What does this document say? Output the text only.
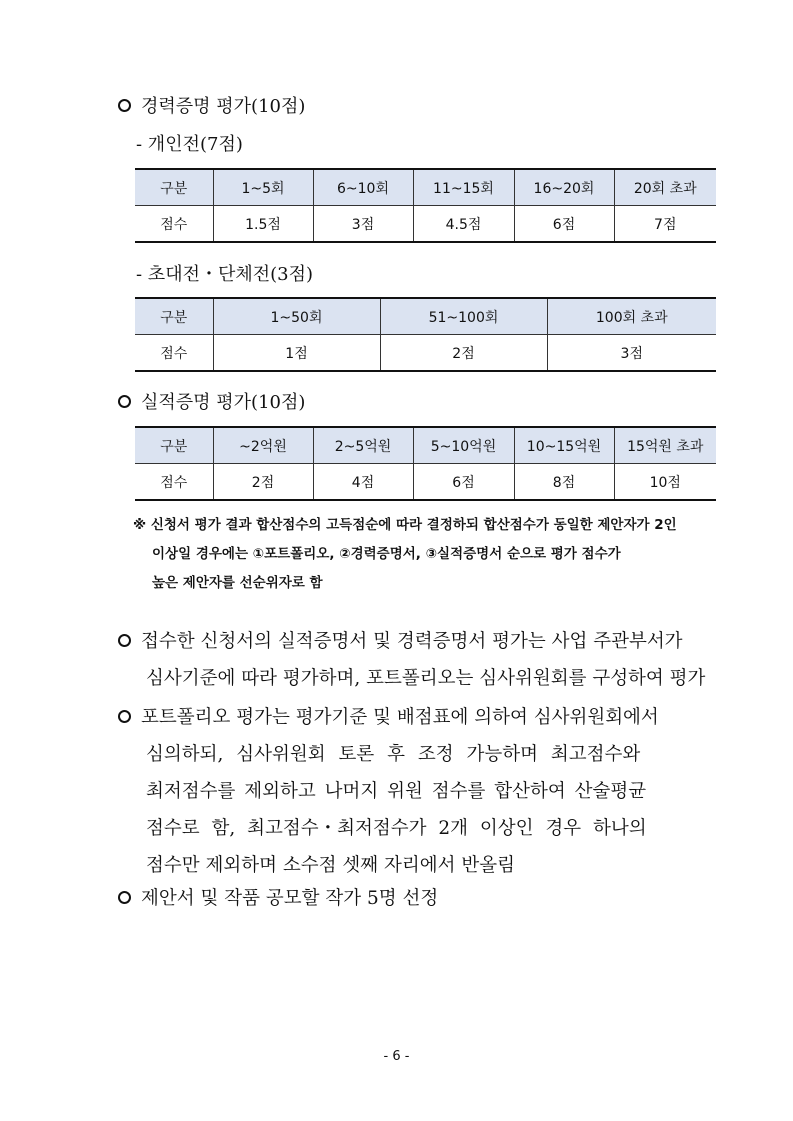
경력증명 평가(10점)
- 개인전(7점)
구분	1~5회	6~10회	11~15회	16~20회	20회 초과
점수	1.5점	3점	4.5점	6점	7점
- 초대전・단체전(3점)
구분	1~50회	51~100회	100회 초과
점수	1점	2점	3점
실적증명 평가(10점)
구분	~2억원	2~5억원	5~10억원	10~15억원	15억원 초과
점수	2점	4점	6점	8점	10점
※ 신청서 평가 결과 합산점수의 고득점순에 따라 결정하되 합산점수가 동일한 제안자가 2인
이상일 경우에는 ①포트폴리오, ②경력증명서, ③실적증명서 순으로 평가 점수가
높은 제안자를 선순위자로 함
접수한 신청서의 실적증명서 및 경력증명서 평가는 사업 주관부서가
심사기준에 따라 평가하며, 포트폴리오는 심사위원회를 구성하여 평가
포트폴리오 평가는 평가기준 및 배점표에 의하여 심사위원회에서
심의하되, 심사위원회 토론 후 조정 가능하며 최고점수와
최저점수를 제외하고 나머지 위원 점수를 합산하여 산술평균
점수로 함, 최고점수・최저점수가 2개 이상인 경우 하나의
점수만 제외하며 소수점 셋째 자리에서 반올림
제안서 및 작품 공모할 작가 5명 선정
- 6 -
